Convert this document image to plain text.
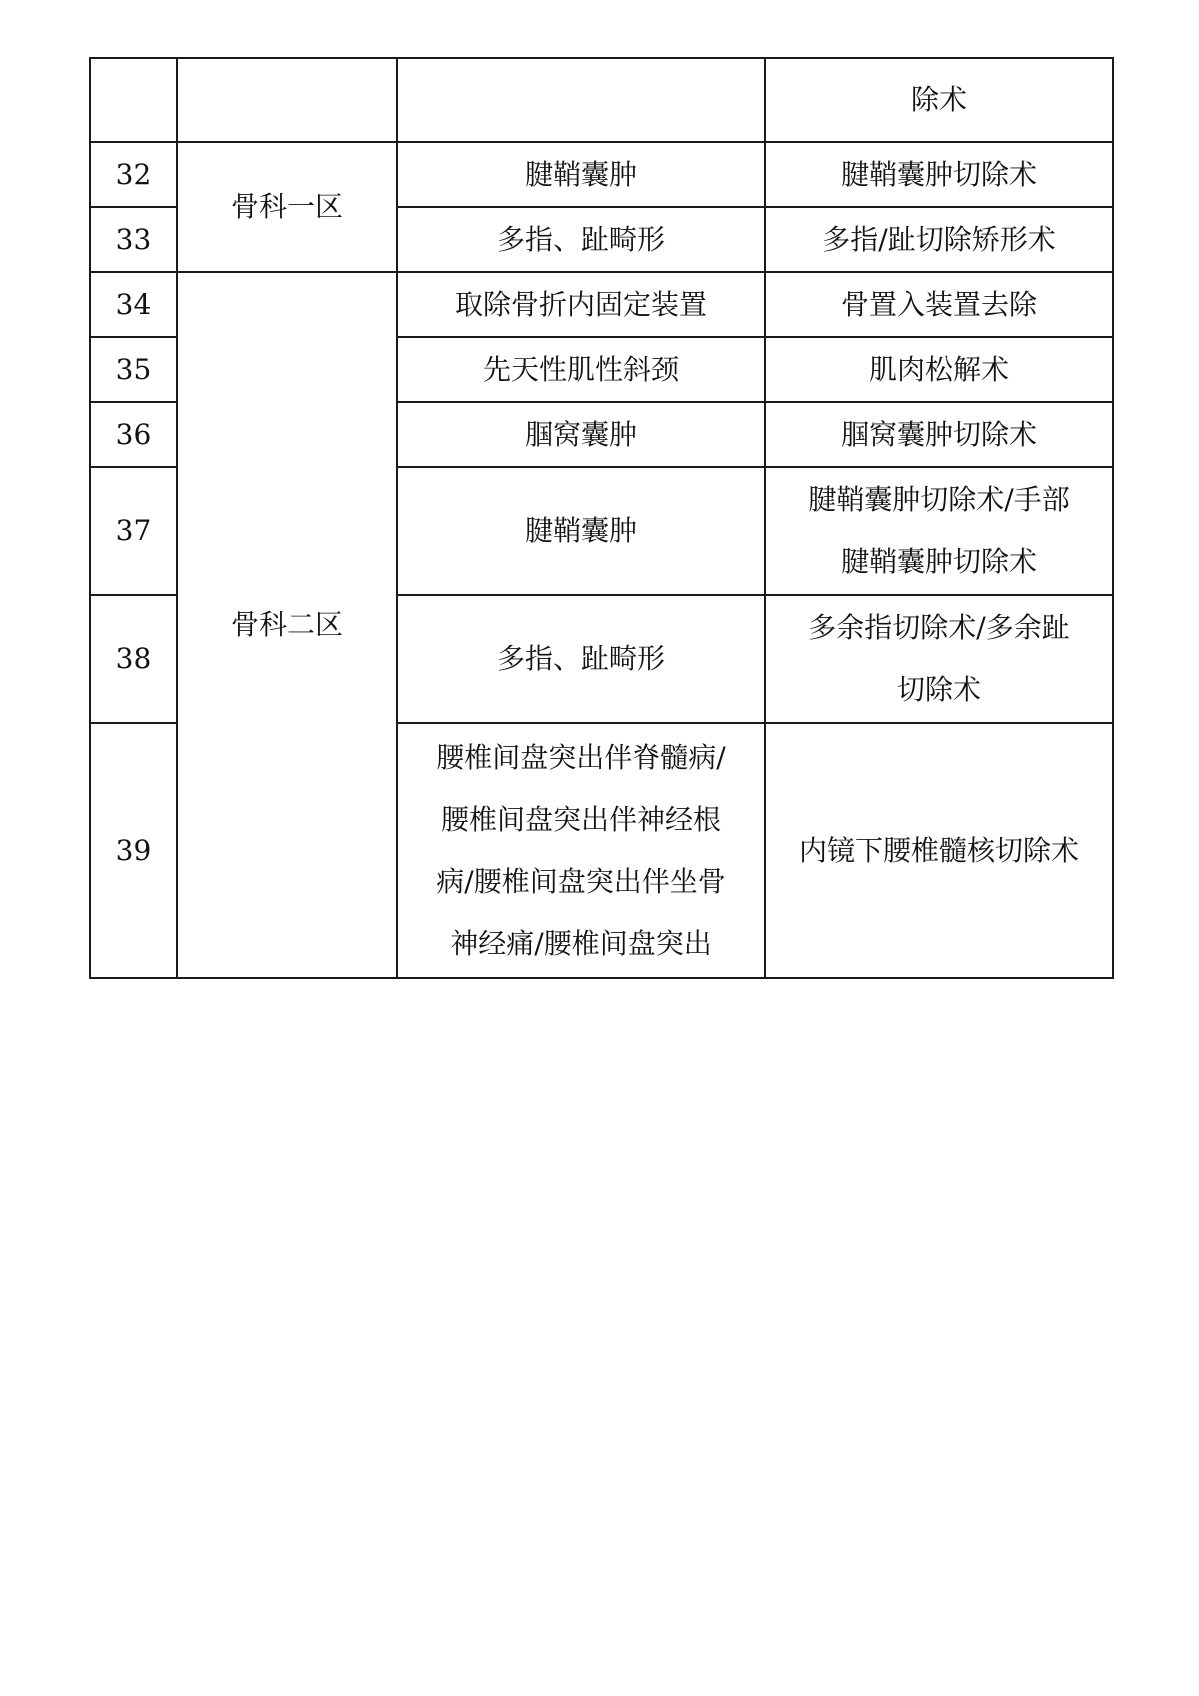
			除术
32	骨科一区	腱鞘囊肿	腱鞘囊肿切除术
33		多指、趾畸形	多指/趾切除矫形术
34	骨科二区	取除骨折内固定装置	骨置入装置去除
35		先天性肌性斜颈	肌肉松解术
36		腘窝囊肿	腘窝囊肿切除术
37		腱鞘囊肿	腱鞘囊肿切除术/手部
腱鞘囊肿切除术

38		多指、趾畸形	多余指切除术/多余趾
切除术

39		腰椎间盘突出伴脊髓病/
腰椎间盘突出伴神经根
病/腰椎间盘突出伴坐骨
神经痛/腰椎间盘突出	内镜下腰椎髓核切除术
